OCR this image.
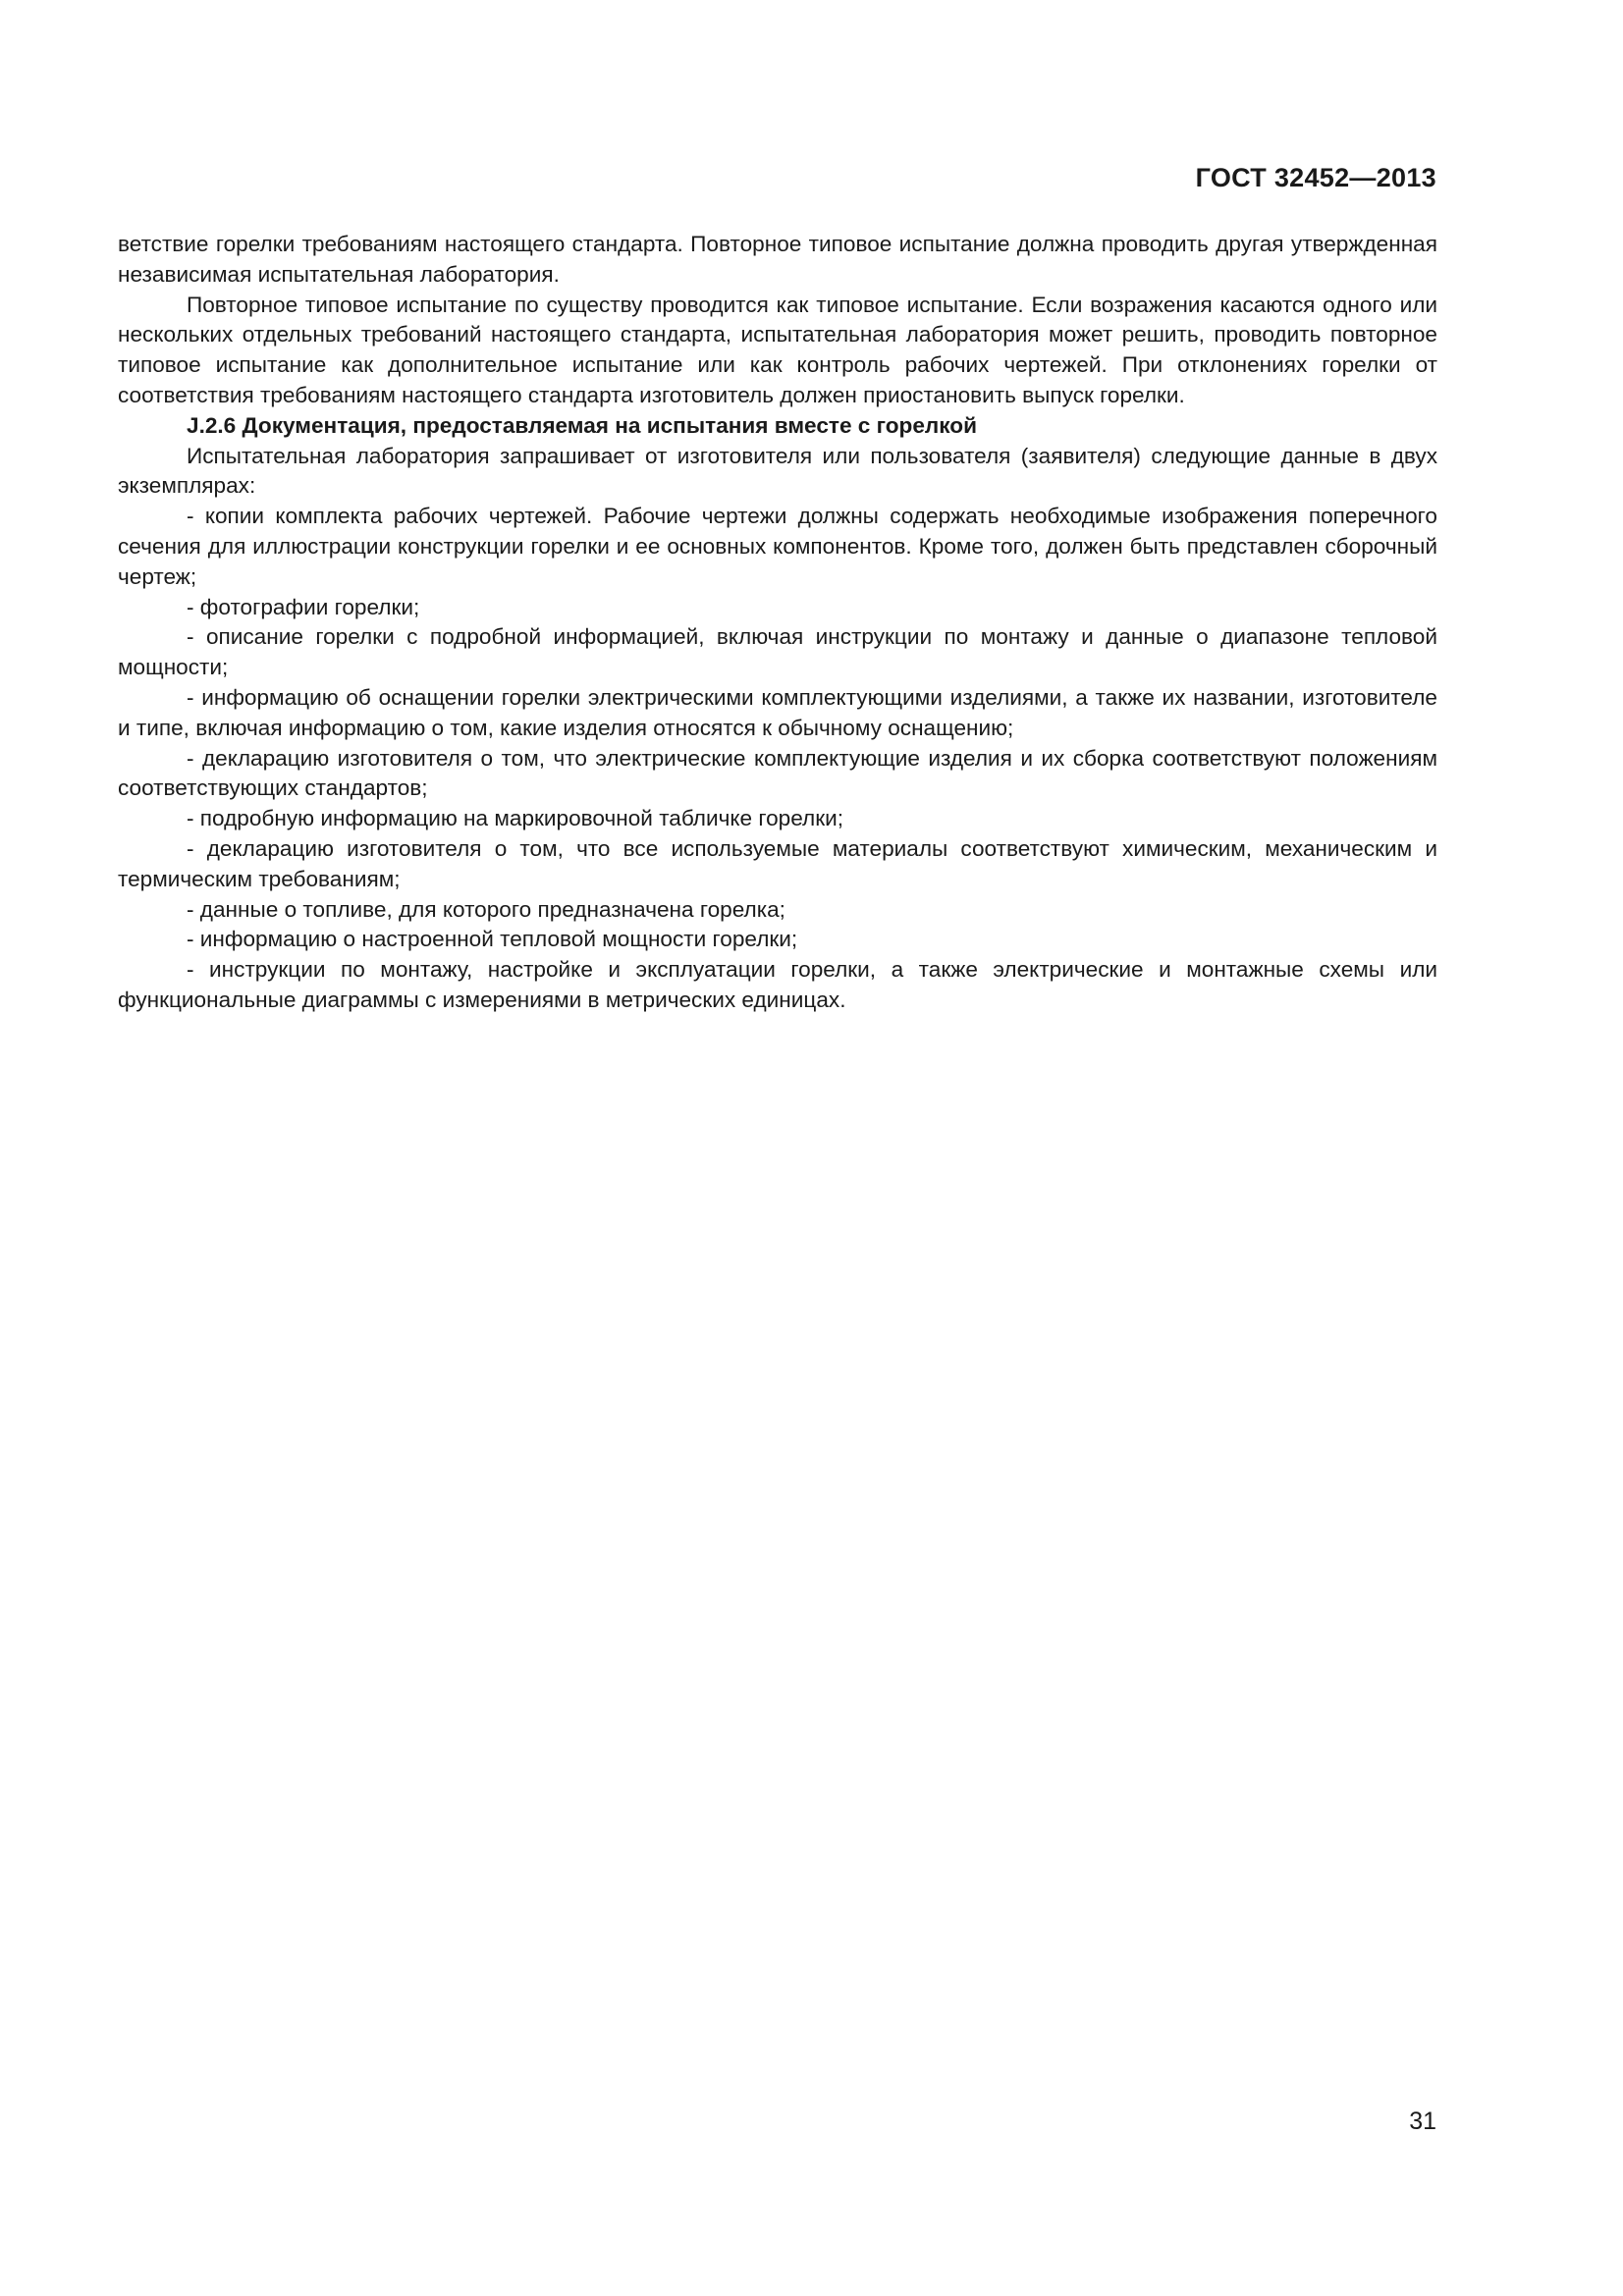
ГОСТ 32452—2013

ветствие горелки требованиям настоящего стандарта. Повторное типовое испытание должна проводить другая утвержденная независимая испытательная лаборатория.

Повторное типовое испытание по существу проводится как типовое испытание. Если возражения касаются одного или нескольких отдельных требований настоящего стандарта, испытательная лаборатория может решить, проводить повторное типовое испытание как дополнительное испытание или как контроль рабочих чертежей. При отклонениях горелки от соответствия требованиям настоящего стандарта изготовитель должен приостановить выпуск горелки.

J.2.6 Документация, предоставляемая на испытания вместе с горелкой

Испытательная лаборатория запрашивает от изготовителя или пользователя (заявителя) следующие данные в двух экземплярах:

- копии комплекта рабочих чертежей. Рабочие чертежи должны содержать необходимые изображения поперечного сечения для иллюстрации конструкции горелки и ее основных компонентов. Кроме того, должен быть представлен сборочный чертеж;

- фотографии горелки;

- описание горелки с подробной информацией, включая инструкции по монтажу и данные о диапазоне тепловой мощности;

- информацию об оснащении горелки электрическими комплектующими изделиями, а также их названии, изготовителе и типе, включая информацию о том, какие изделия относятся к обычному оснащению;

- декларацию изготовителя о том, что электрические комплектующие изделия и их сборка соответствуют положениям соответствующих стандартов;

- подробную информацию на маркировочной табличке горелки;

- декларацию изготовителя о том, что все используемые материалы соответствуют химическим, механическим и термическим требованиям;

- данные о топливе, для которого предназначена горелка;

- информацию о настроенной тепловой мощности горелки;

- инструкции по монтажу, настройке и эксплуатации горелки, а также электрические и монтажные схемы или функциональные диаграммы с измерениями в метрических единицах.

31
